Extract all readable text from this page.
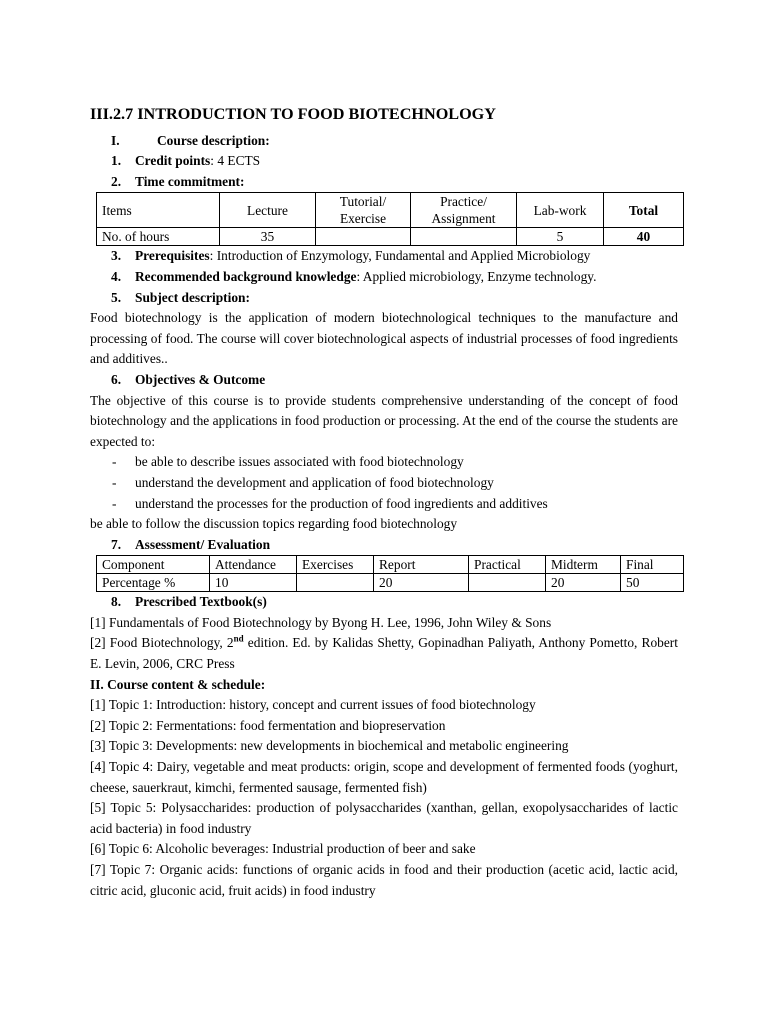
III.2.7 INTRODUCTION TO FOOD BIOTECHNOLOGY
I.	Course description:
1.	Credit points: 4 ECTS
2.	Time commitment:
Items	Lecture	Tutorial/ Exercise	Practice/ Assignment	Lab-work	Total
No. of hours	35			5	40
3.	Prerequisites: Introduction of Enzymology, Fundamental and Applied Microbiology
4.	Recommended background knowledge: Applied microbiology, Enzyme technology.
5.	Subject description:
Food biotechnology is the application of modern biotechnological techniques to the manufacture and processing of food. The course will cover biotechnological aspects of industrial processes of food ingredients and additives..
6.	Objectives & Outcome
The objective of this course is to provide students comprehensive understanding of the concept of food biotechnology and the applications in food production or processing. At the end of the course the students are expected to:
-	be able to describe issues associated with food biotechnology
-	understand the development and application of food biotechnology
-	understand the processes for the production of food ingredients and additives
be able to follow the discussion topics regarding food biotechnology
7.	Assessment/ Evaluation
Component	Attendance	Exercises	Report	Practical	Midterm	Final
Percentage %	10		20		20	50
8.	Prescribed Textbook(s)
[1] Fundamentals of Food Biotechnology by Byong H. Lee, 1996, John Wiley & Sons
[2] Food Biotechnology, 2nd edition. Ed. by Kalidas Shetty, Gopinadhan Paliyath, Anthony Pometto, Robert E. Levin, 2006, CRC Press
II. Course content & schedule:
[1] Topic 1: Introduction: history, concept and current issues of food biotechnology
[2] Topic 2: Fermentations: food fermentation and biopreservation
[3] Topic 3: Developments: new developments in biochemical and metabolic engineering
[4] Topic 4: Dairy, vegetable and meat products: origin, scope and development of fermented foods (yoghurt, cheese, sauerkraut, kimchi, fermented sausage, fermented fish)
[5] Topic 5: Polysaccharides: production of polysaccharides (xanthan, gellan, exopolysaccharides of lactic acid bacteria) in food industry
[6] Topic 6: Alcoholic beverages: Industrial production of beer and sake
[7] Topic 7: Organic acids: functions of organic acids in food and their production (acetic acid, lactic acid, citric acid, gluconic acid, fruit acids) in food industry
